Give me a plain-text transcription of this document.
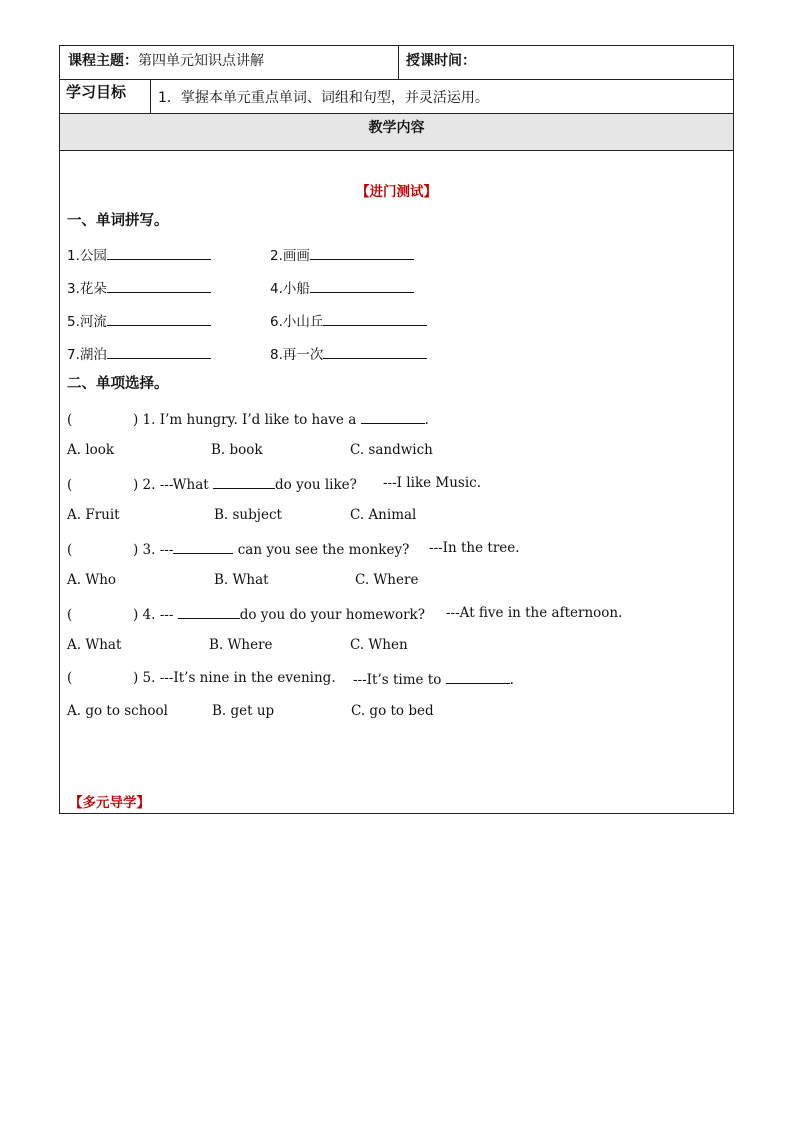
课程主题：第四单元知识点讲解	授课时间：
学习目标 1．掌握本单元重点单词、词组和句型，并灵活运用。
教学内容
【进门测试】
一、单词拼写。
1.公园	2.画画
3.花朵	4.小船
5.河流	6.小山丘
7.湖泊	8.再一次
二、单项选择。
(	) 1. I’m hungry. I’d like to have a	.
A. look	B. book	C. sandwich
(	) 2. ---What	do you like? ---I like Music.
A. Fruit	B. subject	C. Animal
(	) 3. ---	can you see the monkey? ---In the tree.
A. Who	B. What	C. Where
(	) 4. ---	do you do your homework? ---At five in the afternoon.
A. What	B. Where	C. When
(	) 5. ---It’s nine in the evening. ---It’s time to	.
A. go to school	B. get up	C. go to bed
【多元导学】
